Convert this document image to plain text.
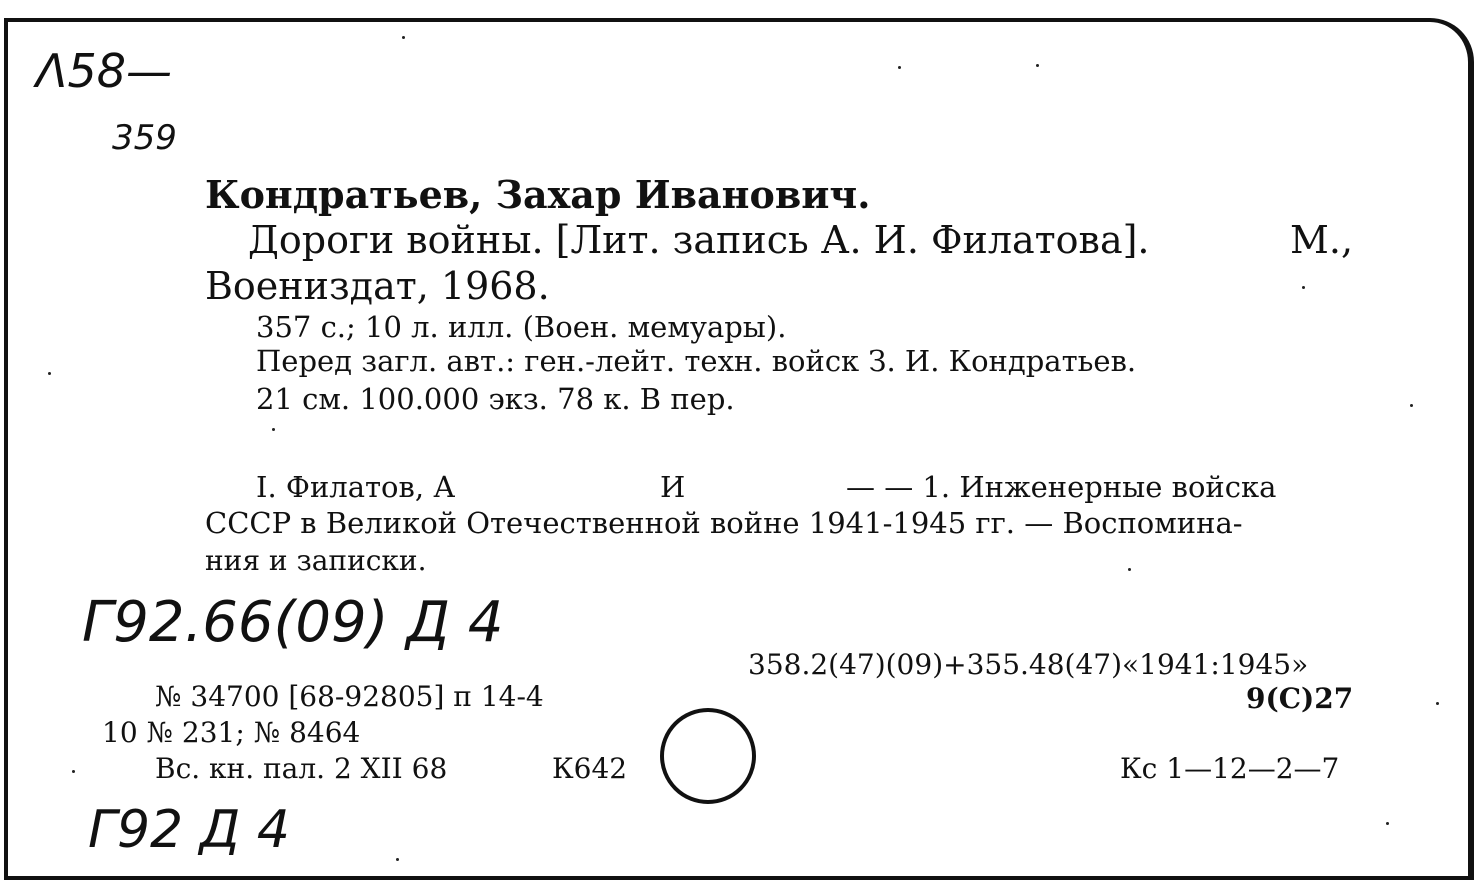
Λ58—
359
Кондратьев, Захар Иванович.
Дороги войны. [Лит. запись А. И. Филатова].	М.,
Воениздат, 1968.
357 с.; 10 л. илл. (Воен. мемуары).
Перед загл. авт.: ген.-лейт. техн. войск З. И. Кондратьев.
21 см. 100.000 экз. 78 к. В пер.
I. Филатов, А	И	— — 1. Инженерные войска
СССР в Великой Отечественной войне 1941-1945 гг. — Воспомина-
ния и записки.
Г92.66(09) Д 4
358.2(47)(09)+355.48(47)«1941:1945»
9(С)27
№ 34700 [68-92805] п 14-4
10 № 231; № 8464
Вс. кн. пал. 2 XII 68	К642	Кс 1—12—2—7
Г92 Д 4
